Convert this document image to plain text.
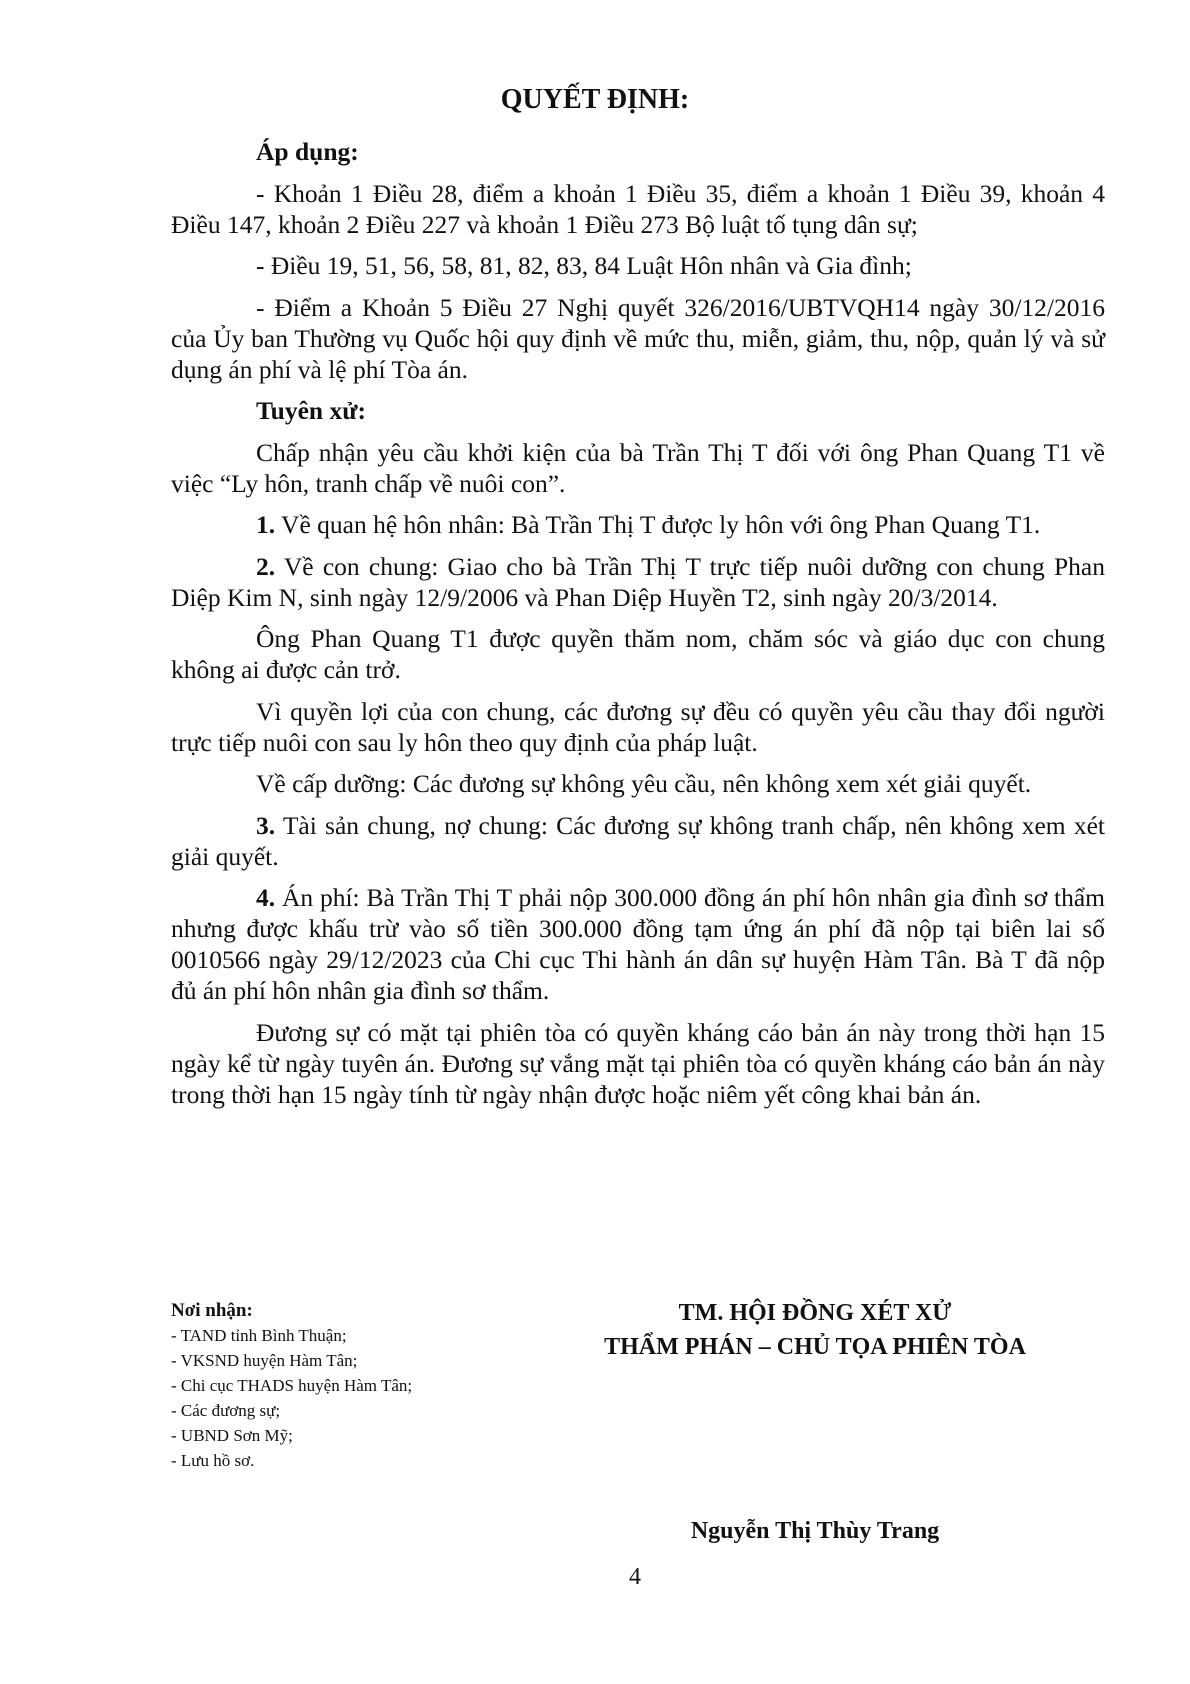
QUYẾT ĐỊNH:

Áp dụng:

- Khoản 1 Điều 28, điểm a khoản 1 Điều 35, điểm a khoản 1 Điều 39, khoản 4 Điều 147, khoản 2 Điều 227 và khoản 1 Điều 273 Bộ luật tố tụng dân sự;

- Điều 19, 51, 56, 58, 81, 82, 83, 84 Luật Hôn nhân và Gia đình;

- Điểm a Khoản 5 Điều 27 Nghị quyết 326/2016/UBTVQH14 ngày 30/12/2016 của Ủy ban Thường vụ Quốc hội quy định về mức thu, miễn, giảm, thu, nộp, quản lý và sử dụng án phí và lệ phí Tòa án.

Tuyên xử:

Chấp nhận yêu cầu khởi kiện của bà Trần Thị T đối với ông Phan Quang T1 về việc “Ly hôn, tranh chấp về nuôi con”.

1. Về quan hệ hôn nhân: Bà Trần Thị T được ly hôn với ông Phan Quang T1.

2. Về con chung: Giao cho bà Trần Thị T trực tiếp nuôi dưỡng con chung Phan Diệp Kim N, sinh ngày 12/9/2006 và Phan Diệp Huyền T2, sinh ngày 20/3/2014.

Ông Phan Quang T1 được quyền thăm nom, chăm sóc và giáo dục con chung không ai được cản trở.

Vì quyền lợi của con chung, các đương sự đều có quyền yêu cầu thay đổi người trực tiếp nuôi con sau ly hôn theo quy định của pháp luật.

Về cấp dưỡng: Các đương sự không yêu cầu, nên không xem xét giải quyết.

3. Tài sản chung, nợ chung: Các đương sự không tranh chấp, nên không xem xét giải quyết.

4. Án phí: Bà Trần Thị T phải nộp 300.000 đồng án phí hôn nhân gia đình sơ thẩm nhưng được khấu trừ vào số tiền 300.000 đồng tạm ứng án phí đã nộp tại biên lai số 0010566 ngày 29/12/2023 của Chi cục Thi hành án dân sự huyện Hàm Tân. Bà T đã nộp đủ án phí hôn nhân gia đình sơ thẩm.

Đương sự có mặt tại phiên tòa có quyền kháng cáo bản án này trong thời hạn 15 ngày kể từ ngày tuyên án. Đương sự vắng mặt tại phiên tòa có quyền kháng cáo bản án này trong thời hạn 15 ngày tính từ ngày nhận được hoặc niêm yết công khai bản án.

Nơi nhận:
- TAND tỉnh Bình Thuận;
- VKSND huyện Hàm Tân;
- Chi cục THADS huyện Hàm Tân;
- Các đương sự;
- UBND Sơn Mỹ;
- Lưu hồ sơ.
TM. HỘI ĐỒNG XÉT XỬ
THẨM PHÁN – CHỦ TỌA PHIÊN TÒA
Nguyễn Thị Thùy Trang
4
